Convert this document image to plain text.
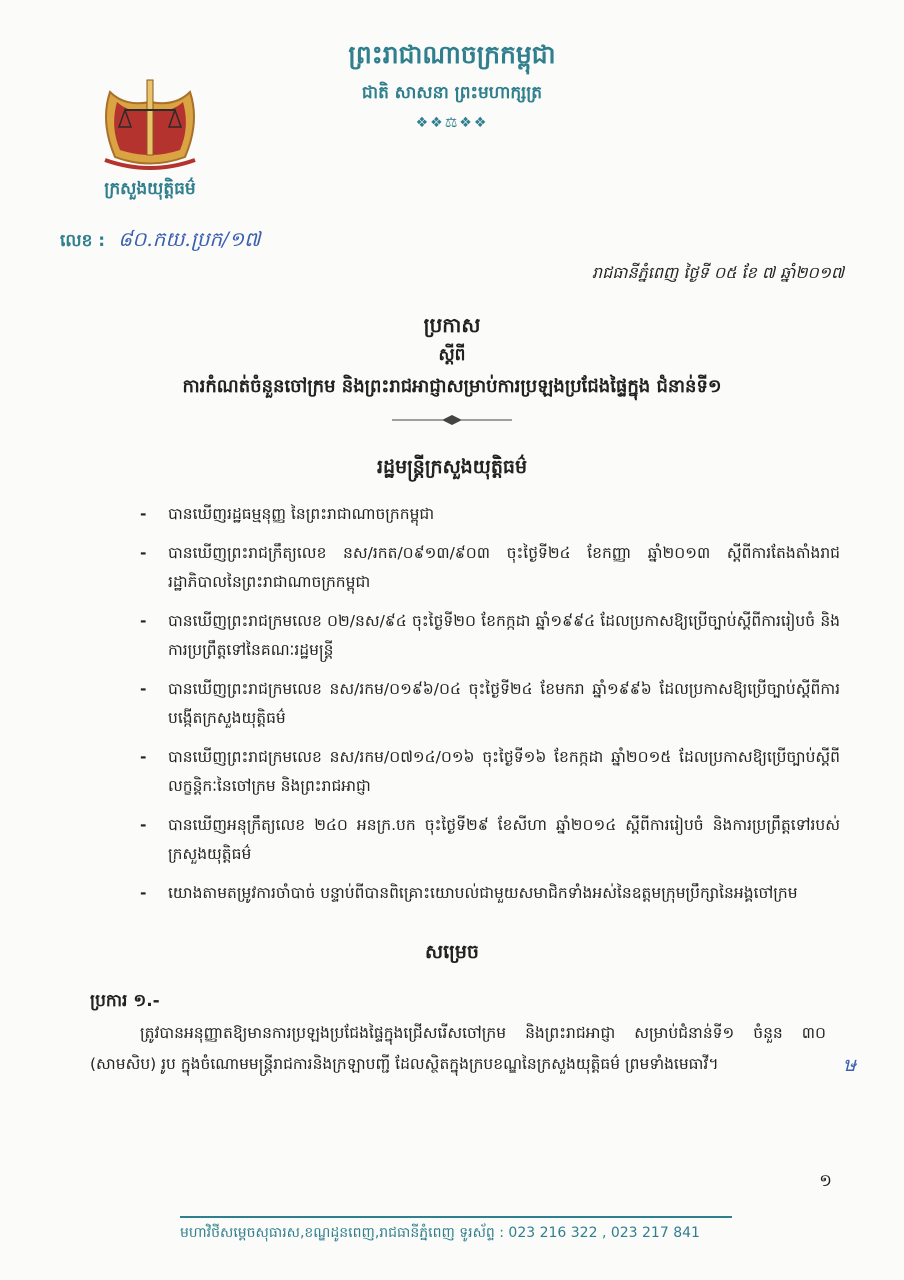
ព្រះរាជាណាចក្រកម្ពុជា
ជាតិ សាសនា ព្រះមហាក្សត្រ
❖❖⚖❖❖
ក្រសួងយុត្តិធម៌
លេខ : ៨០.កយ.ប្រក/១៧
រាជធានីភ្នំពេញ ថ្ងៃទី ០៥ ខែ ៧ ឆ្នាំ២០១៧
ប្រកាស
ស្ដីពី
ការកំណត់ចំនួនចៅក្រម និងព្រះរាជអាជ្ញាសម្រាប់ការប្រឡងប្រជែងផ្ទៃក្នុង ជំនាន់ទី១
រដ្ឋមន្ត្រីក្រសួងយុត្តិធម៌
- បានឃើញរដ្ឋធម្មនុញ្ញ នៃព្រះរាជាណាចក្រកម្ពុជា
- បានឃើញព្រះរាជក្រឹត្យលេខ នស/រកត/០៩១៣/៩០៣ ចុះថ្ងៃទី២៤ ខែកញ្ញា ឆ្នាំ២០១៣ ស្តីពីការតែងតាំងរាជរដ្ឋាភិបាលនៃព្រះរាជាណាចក្រកម្ពុជា
- បានឃើញព្រះរាជក្រមលេខ ០២/នស/៩៤ ចុះថ្ងៃទី២០ ខែកក្កដា ឆ្នាំ១៩៩៤ ដែលប្រកាសឱ្យប្រើច្បាប់ស្តីពីការរៀបចំ និងការប្រព្រឹត្តទៅនៃគណៈរដ្ឋមន្ត្រី
- បានឃើញព្រះរាជក្រមលេខ នស/រកម/០១៩៦/០៤ ចុះថ្ងៃទី២៤ ខែមករា ឆ្នាំ១៩៩៦ ដែលប្រកាសឱ្យប្រើច្បាប់ស្តីពីការបង្កើតក្រសួងយុត្តិធម៌
- បានឃើញព្រះរាជក្រមលេខ នស/រកម/០៧១៤/០១៦ ចុះថ្ងៃទី១៦ ខែកក្កដា ឆ្នាំ២០១៥ ដែលប្រកាសឱ្យប្រើច្បាប់ស្តីពីលក្ខន្តិកៈនៃចៅក្រម និងព្រះរាជអាជ្ញា
- បានឃើញអនុក្រឹត្យលេខ ២៤០ អនក្រ.បក ចុះថ្ងៃទី២៩ ខែសីហា ឆ្នាំ២០១៤ ស្តីពីការរៀបចំ និងការប្រព្រឹត្តទៅរបស់ក្រសួងយុត្តិធម៌
- យោងតាមតម្រូវការចាំបាច់ បន្ទាប់ពីបានពិគ្រោះយោបល់ជាមួយសមាជិកទាំងអស់នៃឧត្តមក្រុមប្រឹក្សានៃអង្គចៅក្រម
សម្រេច
ប្រការ ១.-
ត្រូវបានអនុញ្ញាតឱ្យមានការប្រឡងប្រជែងផ្ទៃក្នុងជ្រើសរើសចៅក្រម និងព្រះរាជអាជ្ញា សម្រាប់ជំនាន់ទី១ ចំនួន ៣០ (សាមសិប) រូប ក្នុងចំណោមមន្ត្រីរាជការនិងក្រឡាបញ្ជី ដែលស្ថិតក្នុងក្របខណ្ឌនៃក្រសួងយុត្តិធម៌ ព្រមទាំងមេធាវី។	ษ
១
មហាវិថីសម្តេចសុធារស,ខណ្ឌដូនពេញ,រាជធានីភ្នំពេញ ទូរស័ព្ទ : 023 216 322 , 023 217 841
